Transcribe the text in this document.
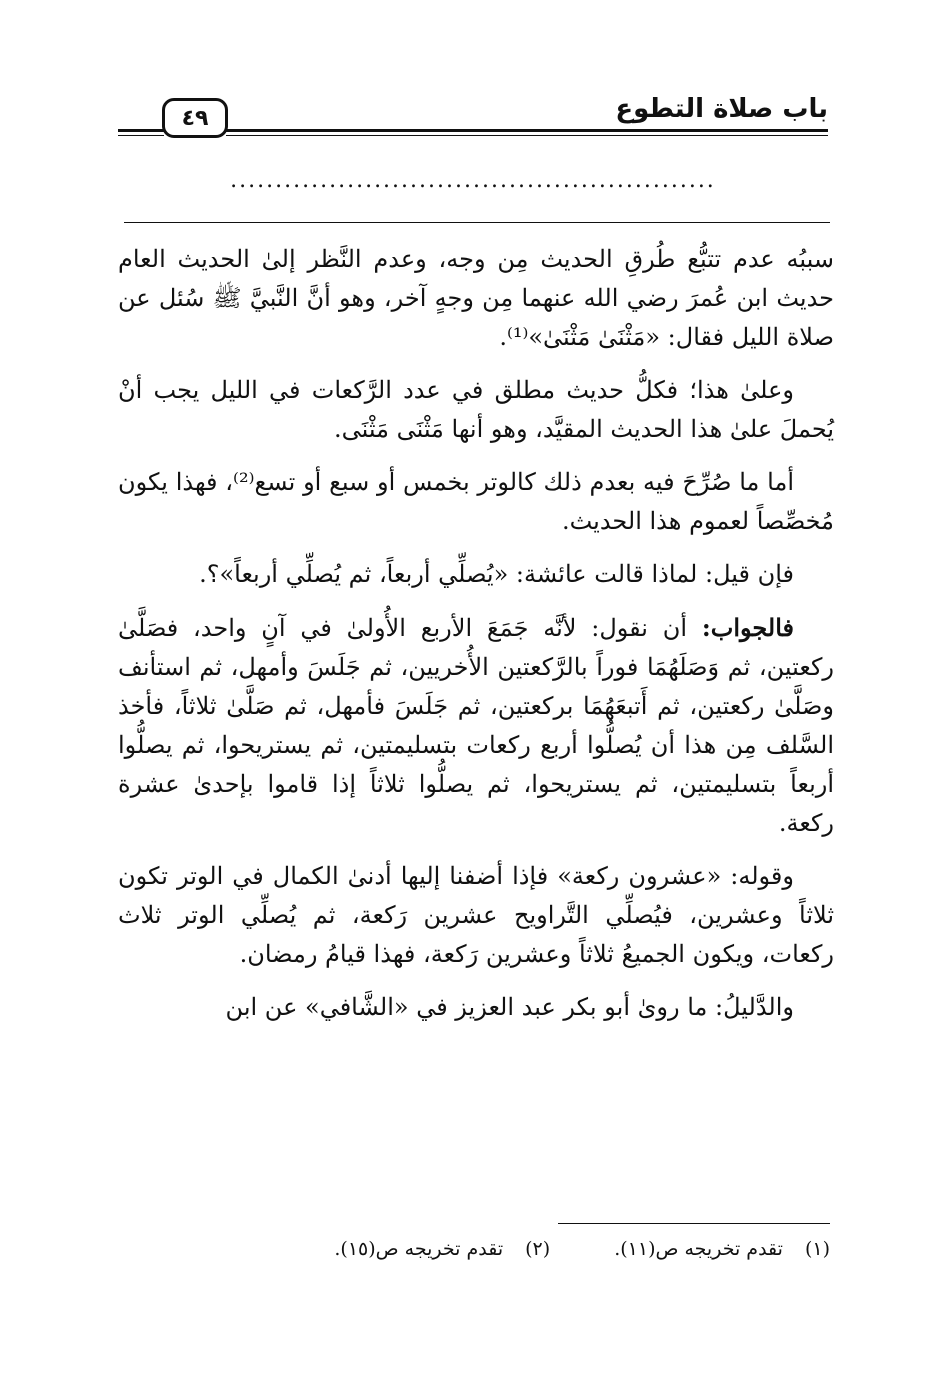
باب صلاة التطوع
٤٩
......................................................

سببُه عدم تتبُّع طُرقِ الحديث مِن وجه، وعدم النَّظر إلىٰ الحديث العام حديث ابن عُمرَ رضي الله عنهما مِن وجهٍ آخر، وهو أنَّ النَّبيَّ ﷺ سُئل عن صلاة الليل فقال: «مَثْنَىٰ مَثْنَىٰ»⁽¹⁾.

وعلىٰ هذا؛ فكلُّ حديث مطلق في عدد الرَّكعات في الليل يجب أنْ يُحملَ علىٰ هذا الحديث المقيَّد، وهو أنها مَثْنَى مَثْنَى.

أما ما صُرِّحَ فيه بعدم ذلك كالوتر بخمس أو سبع أو تسع⁽²⁾، فهذا يكون مُخصِّصاً لعموم هذا الحديث.

فإن قيل: لماذا قالت عائشة: «يُصلِّي أربعاً، ثم يُصلِّي أربعاً»؟.

فالجواب: أن نقول: لأنَّه جَمَعَ الأربع الأُولىٰ في آنٍ واحد، فصَلَّىٰ ركعتين، ثم وَصَلَهُمَا فوراً بالرَّكعتين الأُخريين، ثم جَلَسَ وأمهل، ثم استأنف وصَلَّىٰ ركعتين، ثم أَتبعَهُمَا بركعتين، ثم جَلَسَ فأمهل، ثم صَلَّىٰ ثلاثاً، فأخذ السَّلف مِن هذا أن يُصلُّوا أربع ركعات بتسليمتين، ثم يستريحوا، ثم يصلُّوا أربعاً بتسليمتين، ثم يستريحوا، ثم يصلُّوا ثلاثاً إذا قاموا بإحدىٰ عشرة ركعة.

وقوله: «عشرون ركعة» فإذا أضفنا إليها أدنىٰ الكمال في الوتر تكون ثلاثاً وعشرين، فيُصلِّي التَّراويح عشرين رَكعة، ثم يُصلِّي الوتر ثلاث ركعات، ويكون الجميعُ ثلاثاً وعشرين رَكعة، فهذا قيامُ رمضان.

والدَّليلُ: ما روىٰ أبو بكر عبد العزيز في «الشَّافي» عن ابن

(١)تقدم تخريجه ص(١١).
(٢)تقدم تخريجه ص(١٥).
